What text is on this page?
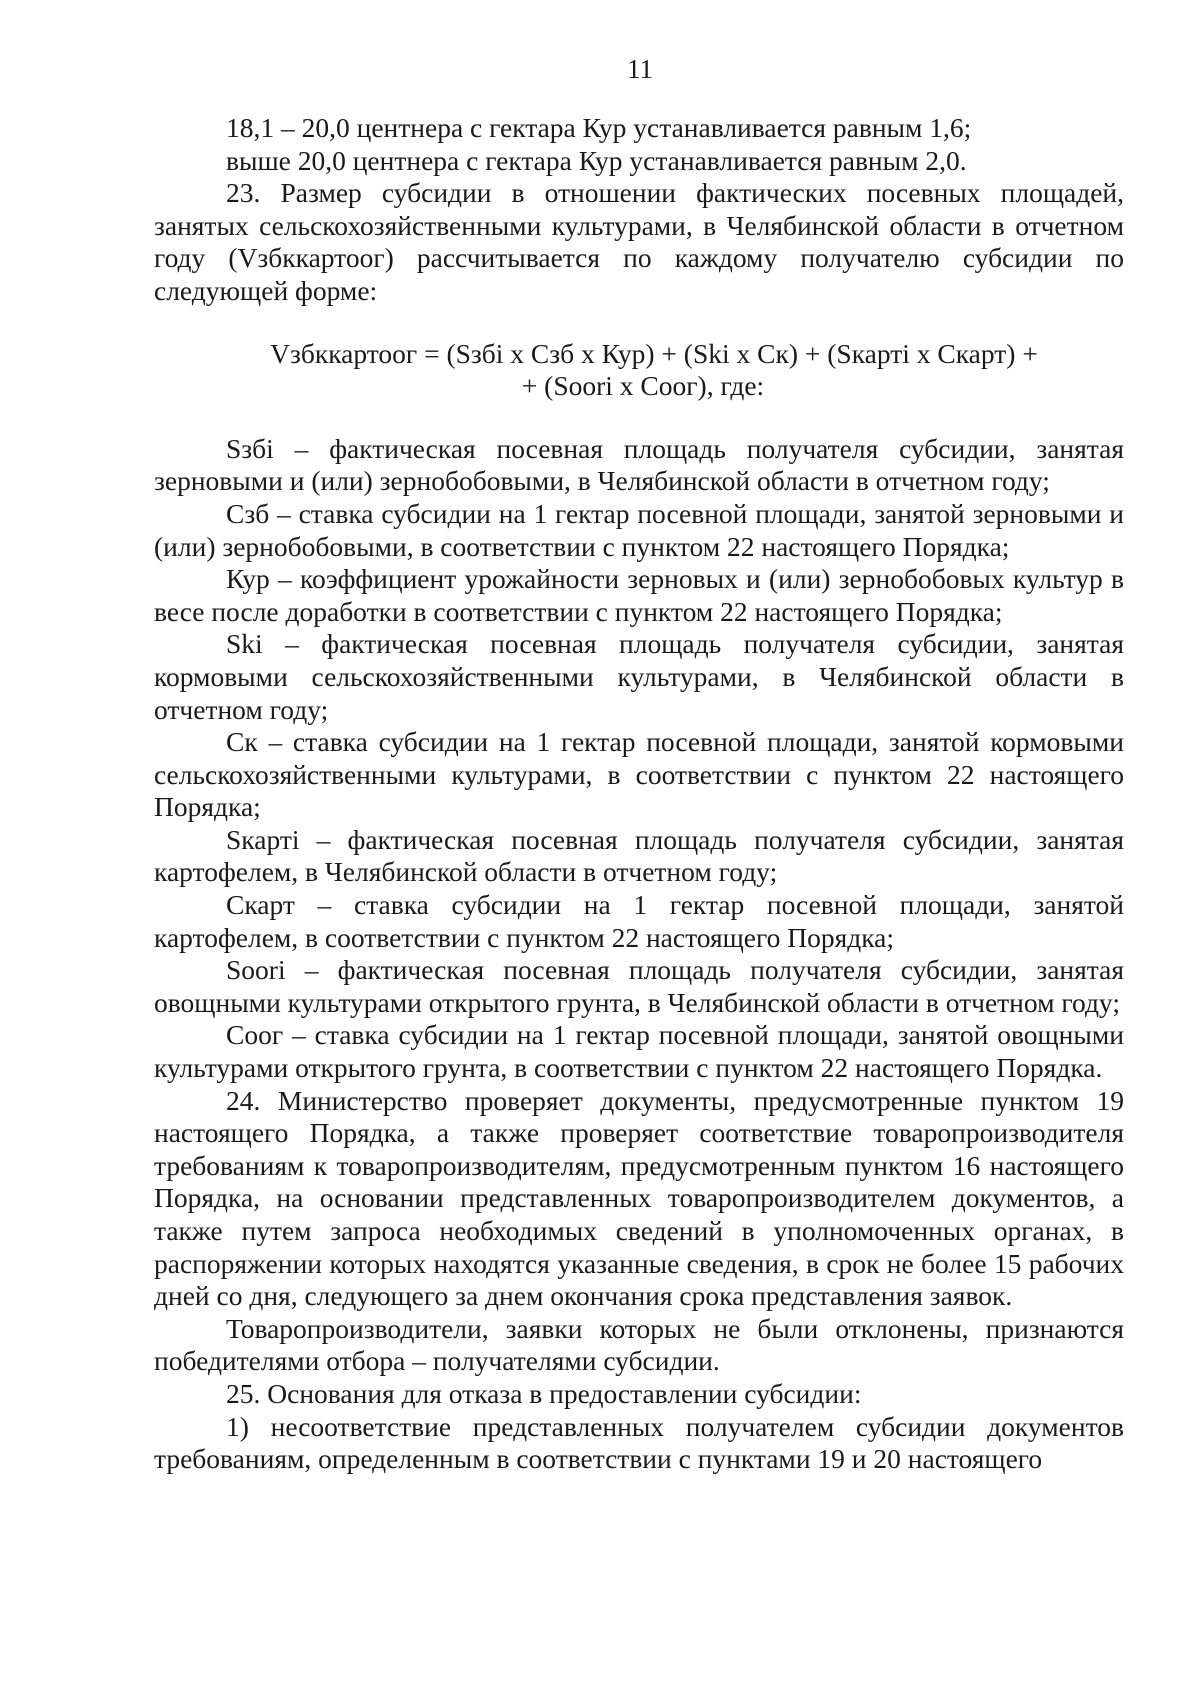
11

18,1 – 20,0 центнера с гектара Кур устанавливается равным 1,6;

выше 20,0 центнера с гектара Кур устанавливается равным 2,0.

23. Размер субсидии в отношении фактических посевных площадей, занятых сельскохозяйственными культурами, в Челябинской области в отчетном году (Vзбккартоог) рассчитывается по каждому получателю субсидии по следующей форме:

Vзбккартоог = (Sзбi x Сзб x Кур) + (Skі x Ск) + (Sкартi x Скарт) +
+ (Soorі x Соог), где:

Sзбі – фактическая посевная площадь получателя субсидии, занятая зерновыми и (или) зернобобовыми, в Челябинской области в отчетном году;

Сзб – ставка субсидии на 1 гектар посевной площади, занятой зерновыми и (или) зернобобовыми, в соответствии с пунктом 22 настоящего Порядка;

Кур – коэффициент урожайности зерновых и (или) зернобобовых культур в весе после доработки в соответствии с пунктом 22 настоящего Порядка;

Skі – фактическая посевная площадь получателя субсидии, занятая кормовыми сельскохозяйственными культурами, в Челябинской области в отчетном году;

Ск – ставка субсидии на 1 гектар посевной площади, занятой кормовыми сельскохозяйственными культурами, в соответствии с пунктом 22 настоящего Порядка;

Sкартi – фактическая посевная площадь получателя субсидии, занятая картофелем, в Челябинской области в отчетном году;

Скарт – ставка субсидии на 1 гектар посевной площади, занятой картофелем, в соответствии с пунктом 22 настоящего Порядка;

Soorі – фактическая посевная площадь получателя субсидии, занятая овощными культурами открытого грунта, в Челябинской области в отчетном году;

Соог – ставка субсидии на 1 гектар посевной площади, занятой овощными культурами открытого грунта, в соответствии с пунктом 22 настоящего Порядка.

24. Министерство проверяет документы, предусмотренные пунктом 19 настоящего Порядка, а также проверяет соответствие товаропроизводителя требованиям к товаропроизводителям, предусмотренным пунктом 16 настоящего Порядка, на основании представленных товаропроизводителем документов, а также путем запроса необходимых сведений в уполномоченных органах, в распоряжении которых находятся указанные сведения, в срок не более 15 рабочих дней со дня, следующего за днем окончания срока представления заявок.

Товаропроизводители, заявки которых не были отклонены, признаются победителями отбора – получателями субсидии.

25. Основания для отказа в предоставлении субсидии:

1) несоответствие представленных получателем субсидии документов требованиям, определенным в соответствии с пунктами 19 и 20 настоящего
